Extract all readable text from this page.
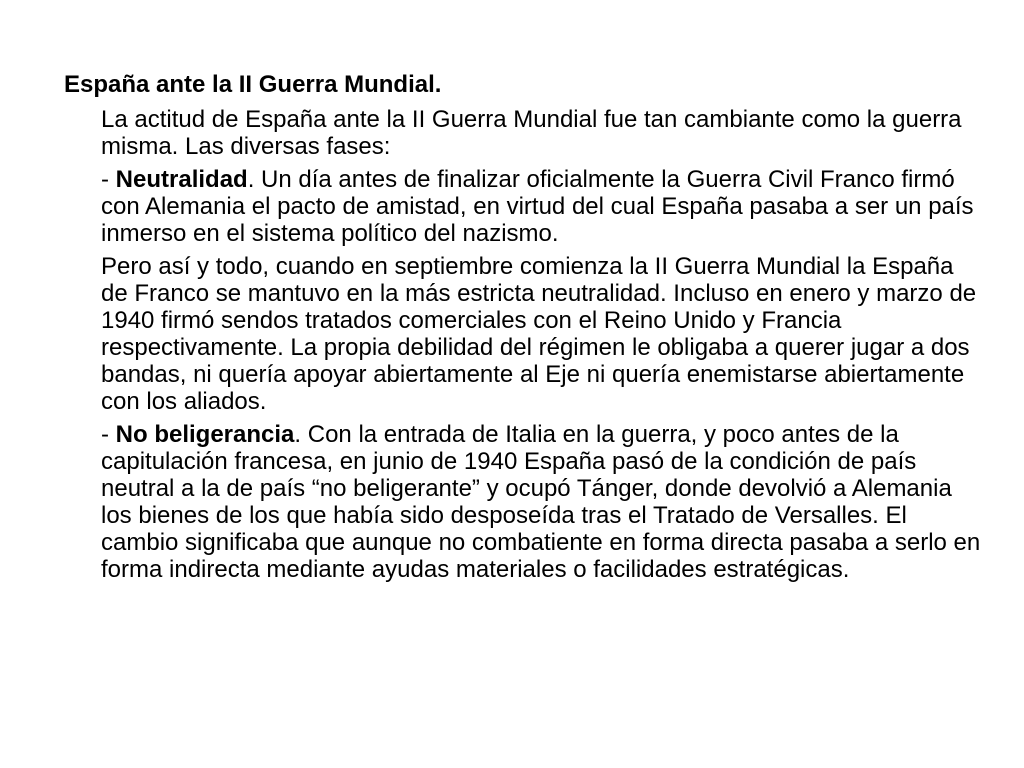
España ante la II Guerra Mundial.

La actitud de España ante la II Guerra Mundial fue tan cambiante como la guerra misma. Las diversas fases:

- Neutralidad. Un día antes de finalizar oficialmente la Guerra Civil Franco firmó con Alemania el pacto de amistad, en virtud del cual España pasaba a ser un país inmerso en el sistema político del nazismo.

Pero así y todo, cuando en septiembre comienza la II Guerra Mundial la España de Franco se mantuvo en la más estricta neutralidad. Incluso en enero y marzo de 1940 firmó sendos tratados comerciales con el Reino Unido y Francia respectivamente. La propia debilidad del régimen le obligaba a querer jugar a dos bandas, ni quería apoyar abiertamente al Eje ni quería enemistarse abiertamente con los aliados.

- No beligerancia. Con la entrada de Italia en la guerra, y poco antes de la capitulación francesa, en junio de 1940 España pasó de la condición de país neutral a la de país “no beligerante” y ocupó Tánger, donde devolvió a Alemania los bienes de los que había sido desposeída tras el Tratado de Versalles. El cambio significaba que aunque no combatiente en forma directa pasaba a serlo en forma indirecta mediante ayudas materiales o facilidades estratégicas.
